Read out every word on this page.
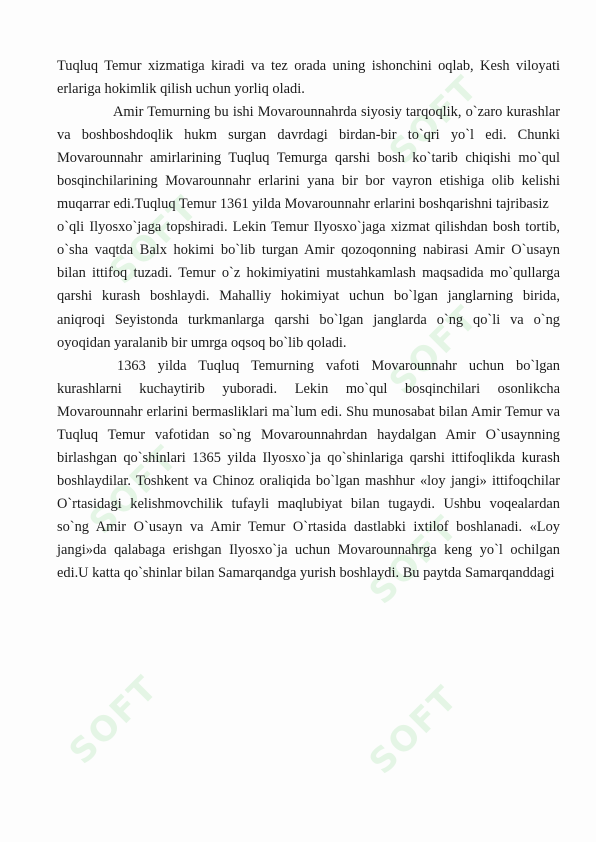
SOFT
SOFT
SOFT
SOFT
SOFT
SOFT	SOFT

Tuqluq Temur xizmatiga kiradi va tez orada uning ishonchini oqlab, Kesh viloyati erlariga hokimlik qilish uchun yorliq oladi.

Amir Temurning bu ishi Movarounnahrda siyosiy tarqoqlik, o`zaro kurashlar va boshboshdoqlik hukm surgan davrdagi birdan-bir to`qri yo`l edi. Chunki Movarounnahr amirlarining Tuqluq Temurga qarshi bosh ko`tarib chiqishi mo`qul bosqinchilarining Movarounnahr erlarini yana bir bor vayron etishiga olib kelishi muqarrar edi.Tuqluq Temur 1361 yilda Movarounnahr erlarini boshqarishni tajribasiz

o`qli Ilyosxo`jaga topshiradi. Lekin Temur Ilyosxo`jaga xizmat qilishdan bosh tortib, o`sha vaqtda Balx hokimi bo`lib turgan Amir qozoqonning nabirasi Amir O`usayn bilan ittifoq tuzadi. Temur o`z hokimiyatini mustahkamlash maqsadida mo`qullarga qarshi kurash boshlaydi. Mahalliy hokimiyat uchun bo`lgan janglarning birida, aniqroqi Seyistonda turkmanlarga qarshi bo`lgan janglarda o`ng qo`li va o`ng oyoqidan yaralanib bir umrga oqsoq bo`lib qoladi.

1363 yilda Tuqluq Temurning vafoti Movarounnahr uchun bo`lgan kurashlarni kuchaytirib yuboradi. Lekin mo`qul bosqinchilari osonlikcha Movarounnahr erlarini bermasliklari ma`lum edi. Shu munosabat bilan Amir Temur va Tuqluq Temur vafotidan so`ng Movarounnahrdan haydalgan Amir O`usaynning birlashgan qo`shinlari 1365 yilda Ilyosxo`ja qo`shinlariga qarshi ittifoqlikda kurash boshlaydilar. Toshkent va Chinoz oraliqida bo`lgan mashhur «loy jangi» ittifoqchilar O`rtasidagi kelishmovchilik tufayli maqlubiyat bilan tugaydi. Ushbu voqealardan so`ng Amir O`usayn va Amir Temur O`rtasida dastlabki ixtilof boshlanadi. «Loy jangi»da qalabaga erishgan Ilyosxo`ja uchun Movarounnahrga keng yo`l ochilgan edi.U katta qo`shinlar bilan Samarqandga yurish boshlaydi. Bu paytda Samarqanddagi
